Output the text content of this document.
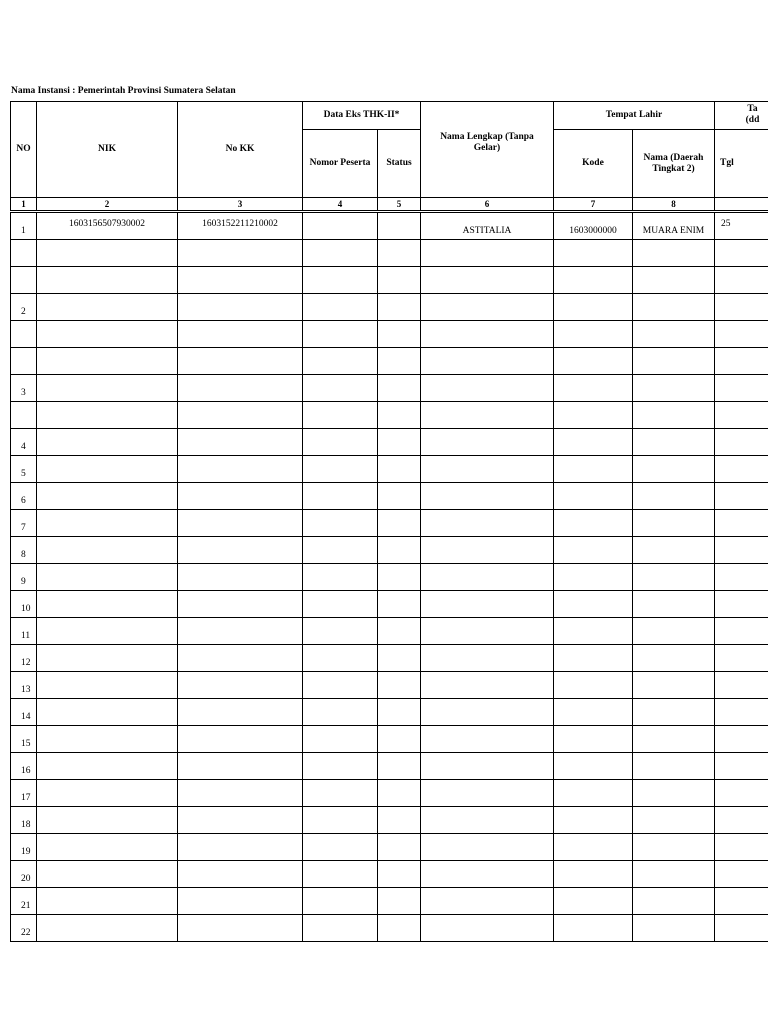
Nama Instansi : Pemerintah Provinsi Sumatera Selatan
NO	NIK	No KK	Data Eks THK-II*		Nama Lengkap (Tanpa Gelar)	Tempat Lahir		Ta
(dd

			Nomor Peserta	Status		Kode	Nama (Daerah Tingkat 2)	Tgl
1	2	3	4	5	6	7	8	

1	1603156507930002	1603152211210002			ASTITALIA	1603000000	MUARA ENIM	25

2								

3								

4								
5								
6								
7								
8								
9								
10								
11								
12								
13								
14								
15								
16								
17								
18								
19								
20								
21								
22								
